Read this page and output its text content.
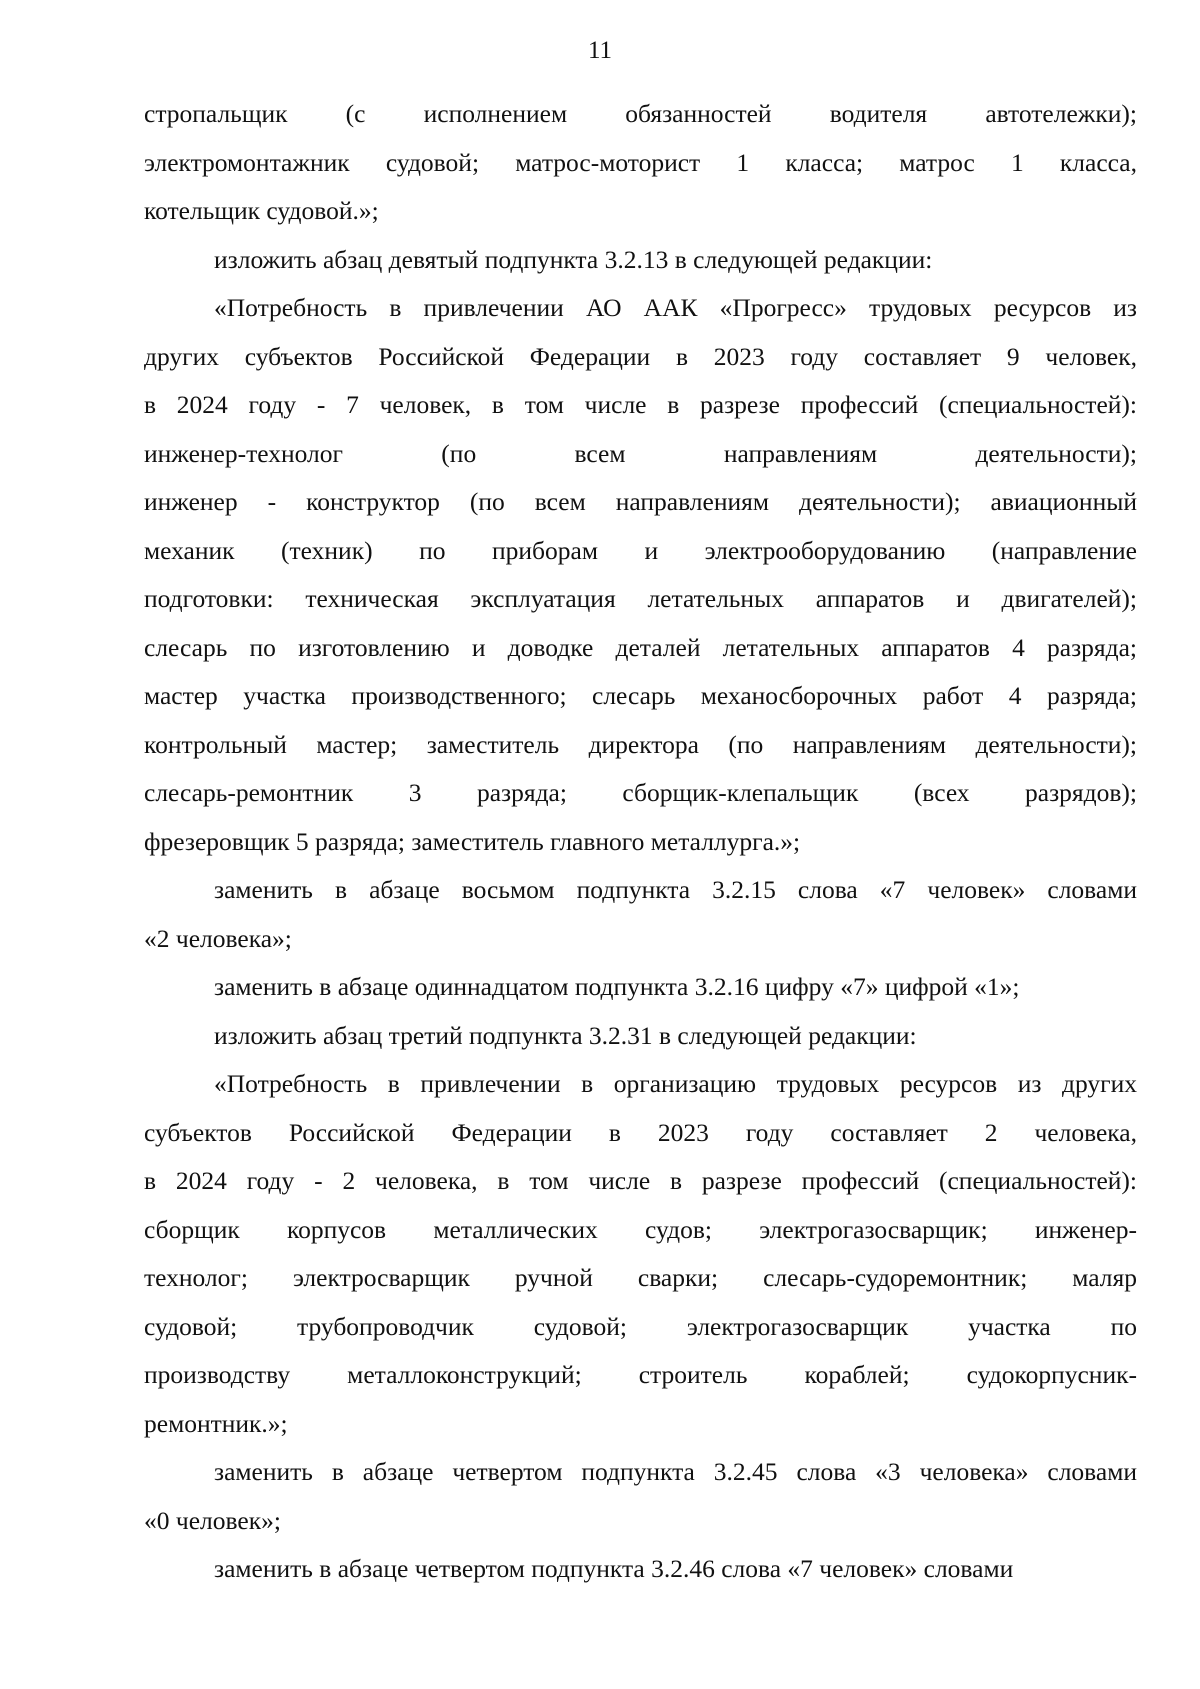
11
стропальщик (с исполнением обязанностей водителя автотележки);
электромонтажник судовой; матрос-моторист 1 класса; матрос 1 класса,
котельщик судовой.»;
изложить абзац девятый подпункта 3.2.13 в следующей редакции:
«Потребность в привлечении АО ААК «Прогресс» трудовых ресурсов из
других субъектов Российской Федерации в 2023 году составляет 9 человек,
в 2024 году - 7 человек, в том числе в разрезе профессий (специальностей):
инженер-технолог (по всем направлениям деятельности);
инженер - конструктор (по всем направлениям деятельности); авиационный
механик (техник) по приборам и электрооборудованию (направление
подготовки: техническая эксплуатация летательных аппаратов и двигателей);
слесарь по изготовлению и доводке деталей летательных аппаратов 4 разряда;
мастер участка производственного; слесарь механосборочных работ 4 разряда;
контрольный мастер; заместитель директора (по направлениям деятельности);
слесарь-ремонтник 3 разряда; сборщик-клепальщик (всех разрядов);
фрезеровщик 5 разряда; заместитель главного металлурга.»;
заменить в абзаце восьмом подпункта 3.2.15 слова «7 человек» словами
«2 человека»;
заменить в абзаце одиннадцатом подпункта 3.2.16 цифру «7» цифрой «1»;
изложить абзац третий подпункта 3.2.31 в следующей редакции:
«Потребность в привлечении в организацию трудовых ресурсов из других
субъектов Российской Федерации в 2023 году составляет 2 человека,
в 2024 году - 2 человека, в том числе в разрезе профессий (специальностей):
сборщик корпусов металлических судов; электрогазосварщик; инженер-
технолог; электросварщик ручной сварки; слесарь-судоремонтник; маляр
судовой; трубопроводчик судовой; электрогазосварщик участка по
производству металлоконструкций; строитель кораблей; судокорпусник-
ремонтник.»;
заменить в абзаце четвертом подпункта 3.2.45 слова «3 человека» словами
«0 человек»;
заменить в абзаце четвертом подпункта 3.2.46 слова «7 человек» словами
